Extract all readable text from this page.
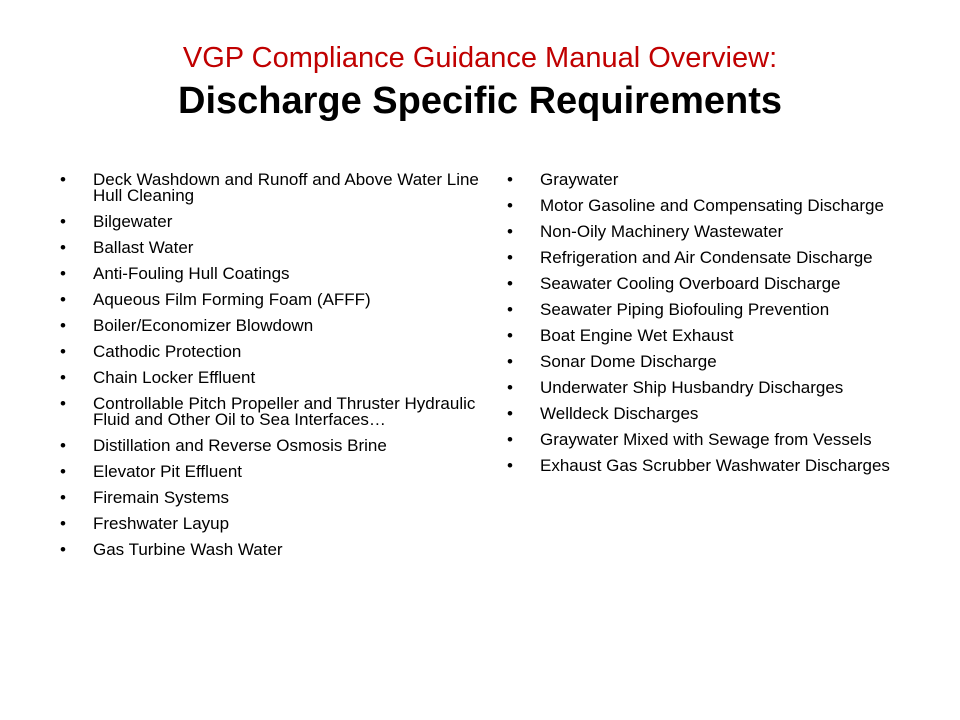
VGP Compliance Guidance Manual Overview:
Discharge Specific Requirements
• Deck Washdown and Runoff and Above Water Line Hull Cleaning
• Bilgewater
• Ballast Water
• Anti-Fouling Hull Coatings
• Aqueous Film Forming Foam (AFFF)
• Boiler/Economizer Blowdown
• Cathodic Protection
• Chain Locker Effluent
• Controllable Pitch Propeller and Thruster Hydraulic Fluid and Other Oil to Sea Interfaces…
• Distillation and Reverse Osmosis Brine
• Elevator Pit Effluent
• Firemain Systems
• Freshwater Layup
• Gas Turbine Wash Water
• Graywater
• Motor Gasoline and Compensating Discharge
• Non-Oily Machinery Wastewater
• Refrigeration and Air Condensate Discharge
• Seawater Cooling Overboard Discharge
• Seawater Piping Biofouling Prevention
• Boat Engine Wet Exhaust
• Sonar Dome Discharge
• Underwater Ship Husbandry Discharges
• Welldeck Discharges
• Graywater Mixed with Sewage from Vessels
• Exhaust Gas Scrubber Washwater Discharges
